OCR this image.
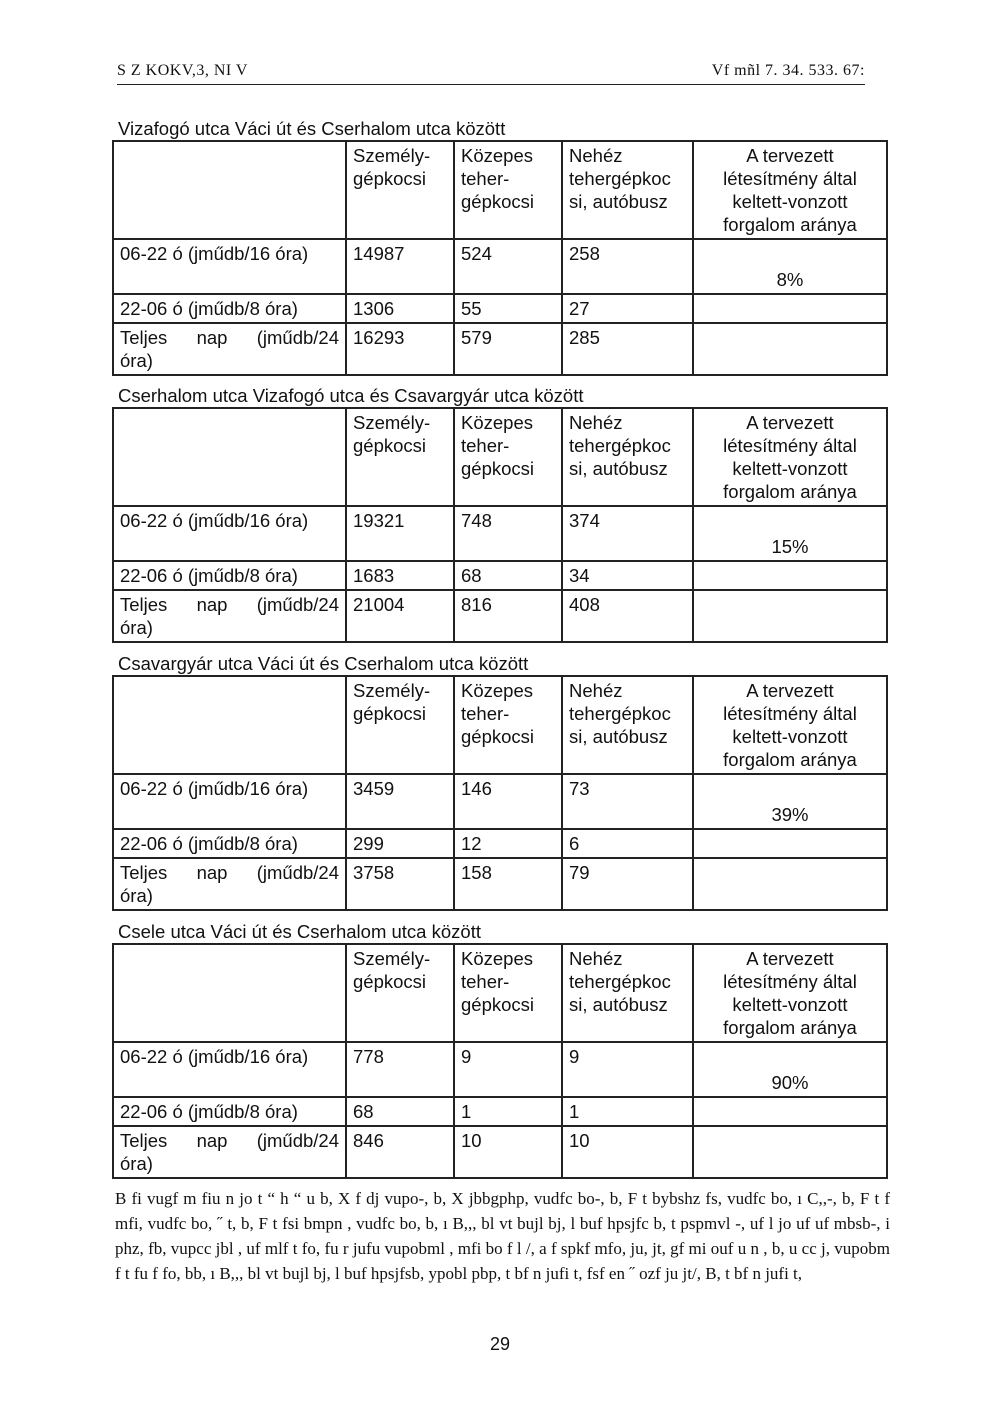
S Z KOKV,3, NI V	Vf mñl 7. 34. 533. 67:
Vizafogó utca Váci út és Cserhalom utca között
	Személy-gépkocsi	Közepes teher-gépkocsi	Nehéz tehergépkoc si, autóbusz	A tervezett létesítmény által keltett-vonzott forgalom aránya
06-22 ó (jműdb/16 óra)	14987	524	258	8%

22-06 ó (jműdb/8 óra)	1306	55	27	

Teljes nap (jműdb/24
óra)	16293	579	285	
Cserhalom utca Vizafogó utca és Csavargyár utca között
	Személy-gépkocsi	Közepes teher-gépkocsi	Nehéz tehergépkoc si, autóbusz	A tervezett létesítmény által keltett-vonzott forgalom aránya
06-22 ó (jműdb/16 óra)	19321	748	374	15%

22-06 ó (jműdb/8 óra)	1683	68	34	

Teljes nap (jműdb/24
óra)	21004	816	408	
Csavargyár utca Váci út és Cserhalom utca között
	Személy-gépkocsi	Közepes teher-gépkocsi	Nehéz tehergépkoc si, autóbusz	A tervezett létesítmény által keltett-vonzott forgalom aránya
06-22 ó (jműdb/16 óra)	3459	146	73	39%

22-06 ó (jműdb/8 óra)	299	12	6	

Teljes nap (jműdb/24
óra)	3758	158	79	
Csele utca Váci út és Cserhalom utca között
	Személy-gépkocsi	Közepes teher-gépkocsi	Nehéz tehergépkoc si, autóbusz	A tervezett létesítmény által keltett-vonzott forgalom aránya
06-22 ó (jműdb/16 óra)	778	9	9	90%

22-06 ó (jműdb/8 óra)	68	1	1	

Teljes nap (jműdb/24
óra)	846	10	10	
B fi vugf m fiu n jo t “ h “ u b, X f dj vupo-, b, X jbbgphp, vudfc bo-, b, F t bybshz fs, vudfc bo, ı C,,-, b, F t f mfi, vudfc bo, ˝ t, b, F t fsi bmpn , vudfc bo, b, ı B,,, bl vt bujl bj, l buf hpsjfc b, t pspmvl -, uf l jo uf uf mbsb-, i phz, fb, vupcc jbl , uf mlf t fo, fu r jufu vupobml , mfi bo f l /, a f spkf mfo, ju, jt, gf mi ouf u n , b, u cc j, vupobm f t fu f fo, bb, ı B,,, bl vt bujl bj, l buf hpsjfsb, ypobl pbp, t bf n jufi t, fsf en ˝ ozf ju jt/, B, t bf n jufi t,
29
